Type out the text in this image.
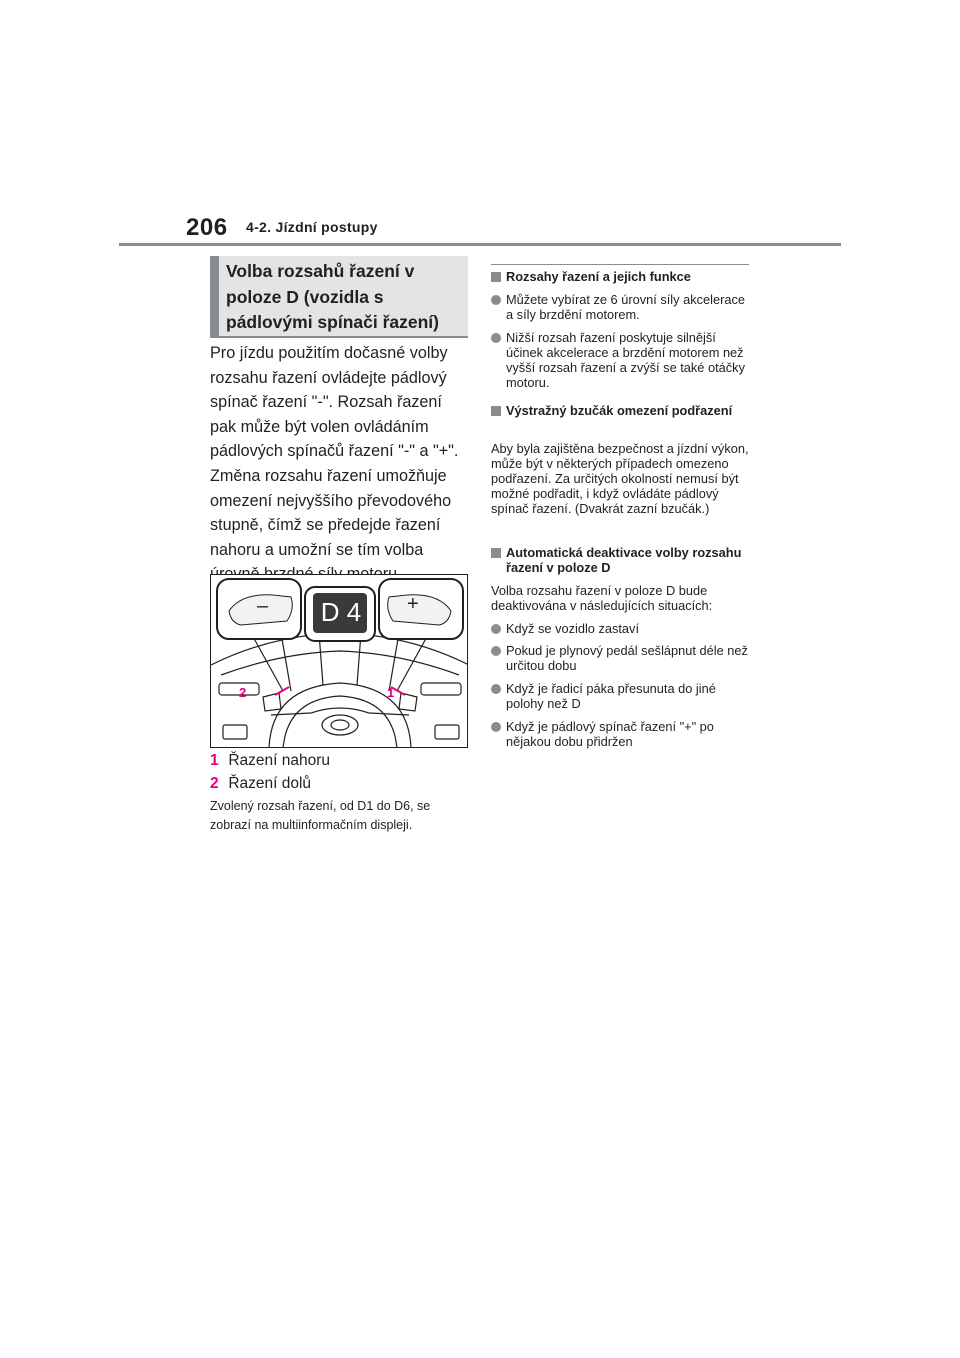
206 4-2. Jízdní postupy
Volba rozsahů řazení v poloze D (vozidla s pádlovými spínači řazení)
Pro jízdu použitím dočasné volby rozsahu řazení ovládejte pádlový spínač řazení "-". Rozsah řazení pak může být volen ovládáním pádlových spínačů řazení "-" a "+". Změna rozsahu řazení umožňuje omezení nejvyššího převodového stupně, čímž se předejde řazení nahoru a umožní se tím volba
–	+
D 4
2	1
1 Řazení nahoru
2 Řazení dolů
Zvolený rozsah řazení, od D1 do D6, se zobrazí na multiinformačním displeji.
Rozsahy řazení a jejich funkce
Můžete vybírat ze 6 úrovní síly akcelerace a síly brzdění motorem.
Nižší rozsah řazení poskytuje silnější účinek akcelerace a brzdění motorem než vyšší rozsah řazení a zvýší se také otáčky motoru.
Výstražný bzučák omezení podřazení
Aby byla zajištěna bezpečnost a jízdní výkon, může být v některých případech omezeno podřazení. Za určitých okolností nemusí být možné podřadit, i když ovládáte pádlový spínač řazení. (Dvakrát zazní bzučák.)
Automatická deaktivace volby rozsahu řazení v poloze D
Volba rozsahu řazení v poloze D bude deaktivována v následujících situacích:
Když se vozidlo zastaví
Pokud je plynový pedál sešlápnut déle než určitou dobu
Když je řadicí páka přesunuta do jiné polohy než D
Když je pádlový spínač řazení "+" po nějakou dobu přidržen
